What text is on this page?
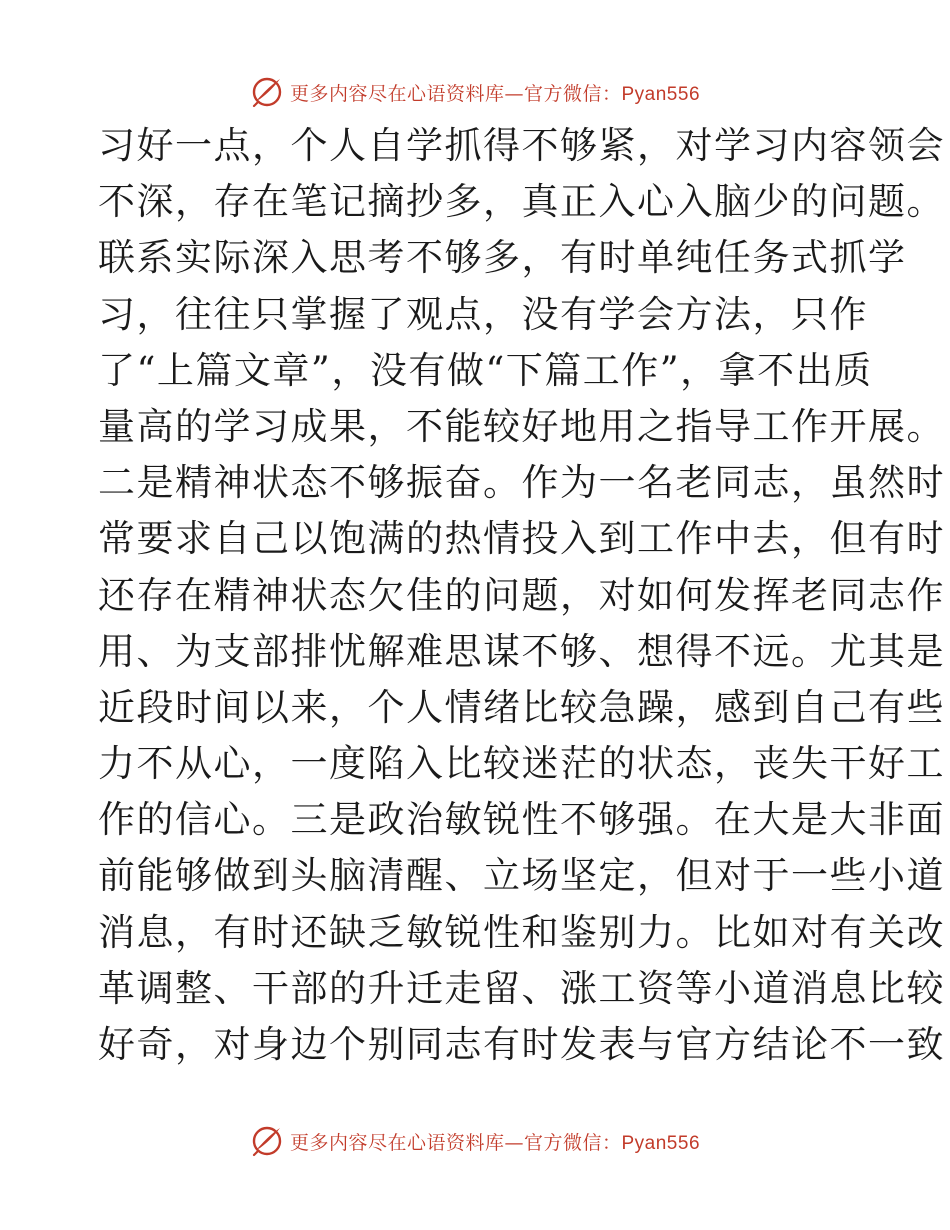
更多内容尽在心语资料库—官方微信：Pyan556
习好一点，个人自学抓得不够紧，对学习内容领会
不深，存在笔记摘抄多，真正入心入脑少的问题。
联系实际深入思考不够多，有时单纯任务式抓学
习，往往只掌握了观点，没有学会方法，只作
了“上篇文章”，没有做“下篇工作”，拿不出质
量高的学习成果，不能较好地用之指导工作开展。
二是精神状态不够振奋。作为一名老同志，虽然时
常要求自己以饱满的热情投入到工作中去，但有时
还存在精神状态欠佳的问题，对如何发挥老同志作
用、为支部排忧解难思谋不够、想得不远。尤其是
近段时间以来，个人情绪比较急躁，感到自己有些
力不从心，一度陷入比较迷茫的状态，丧失干好工
作的信心。三是政治敏锐性不够强。在大是大非面
前能够做到头脑清醒、立场坚定，但对于一些小道
消息，有时还缺乏敏锐性和鉴别力。比如对有关改
革调整、干部的升迁走留、涨工资等小道消息比较
好奇，对身边个别同志有时发表与官方结论不一致
更多内容尽在心语资料库—官方微信：Pyan556
